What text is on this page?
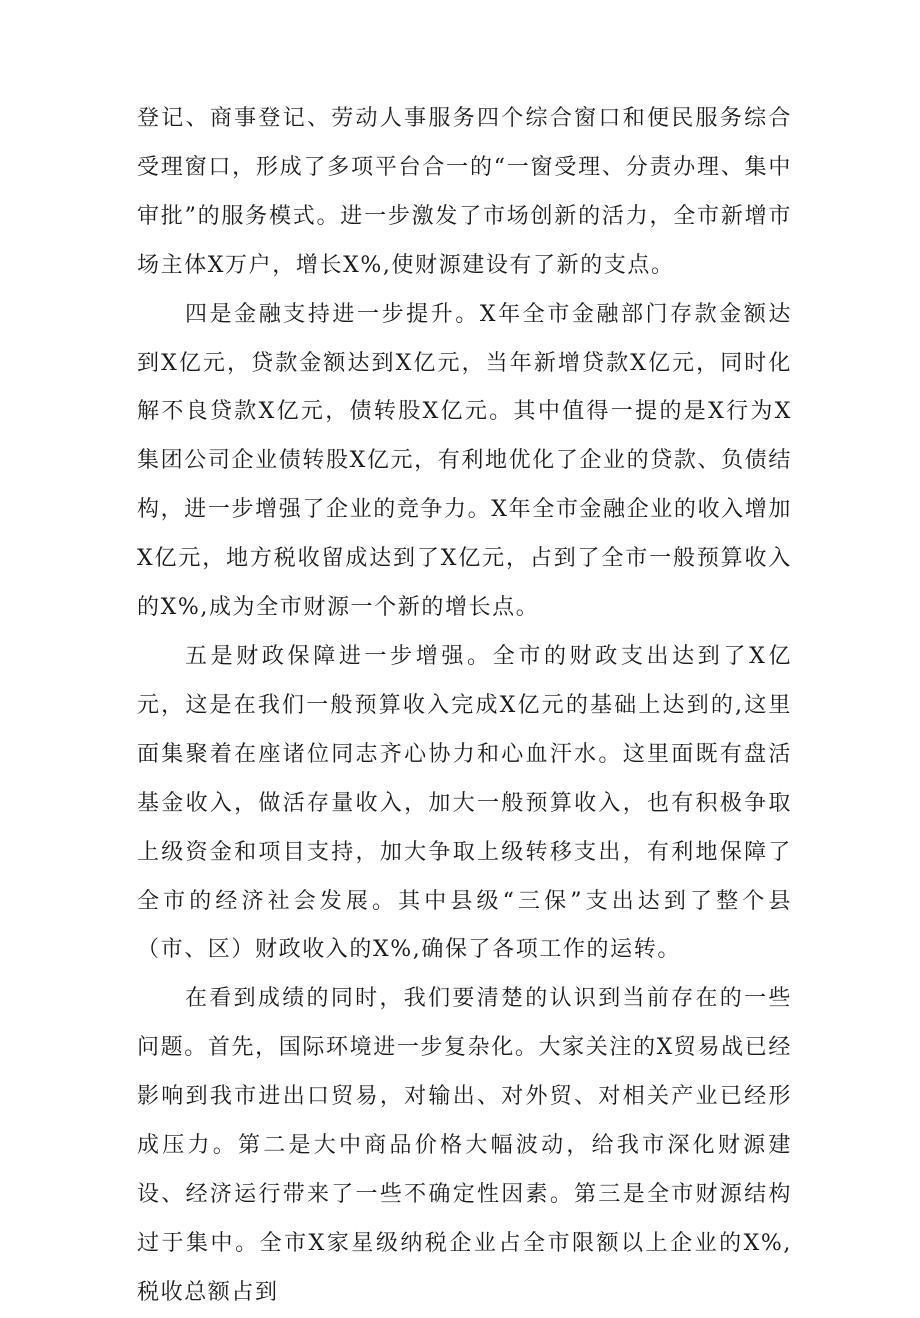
登记、商事登记、劳动人事服务四个综合窗口和便民服务综合受理窗口，形成了多项平台合一的“一窗受理、分责办理、集中审批”的服务模式。进一步激发了市场创新的活力，全市新增市场主体X万户，增长X%,使财源建设有了新的支点。

四是金融支持进一步提升。X年全市金融部门存款金额达到X亿元，贷款金额达到X亿元，当年新增贷款X亿元，同时化解不良贷款X亿元，债转股X亿元。其中值得一提的是X行为X集团公司企业债转股X亿元，有利地优化了企业的贷款、负债结构，进一步增强了企业的竞争力。X年全市金融企业的收入增加X亿元，地方税收留成达到了X亿元，占到了全市一般预算收入的X%,成为全市财源一个新的增长点。

五是财政保障进一步增强。全市的财政支出达到了X亿元，这是在我们一般预算收入完成X亿元的基础上达到的,这里面集聚着在座诸位同志齐心协力和心血汗水。这里面既有盘活基金收入，做活存量收入，加大一般预算收入，也有积极争取上级资金和项目支持，加大争取上级转移支出，有利地保障了全市的经济社会发展。其中县级“三保”支出达到了整个县（市、区）财政收入的X%,确保了各项工作的运转。

在看到成绩的同时，我们要清楚的认识到当前存在的一些问题。首先，国际环境进一步复杂化。大家关注的X贸易战已经影响到我市进出口贸易，对输出、对外贸、对相关产业已经形成压力。第二是大中商品价格大幅波动，给我市深化财源建设、经济运行带来了一些不确定性因素。第三是全市财源结构过于集中。全市X家星级纳税企业占全市限额以上企业的X%,税收总额占到
